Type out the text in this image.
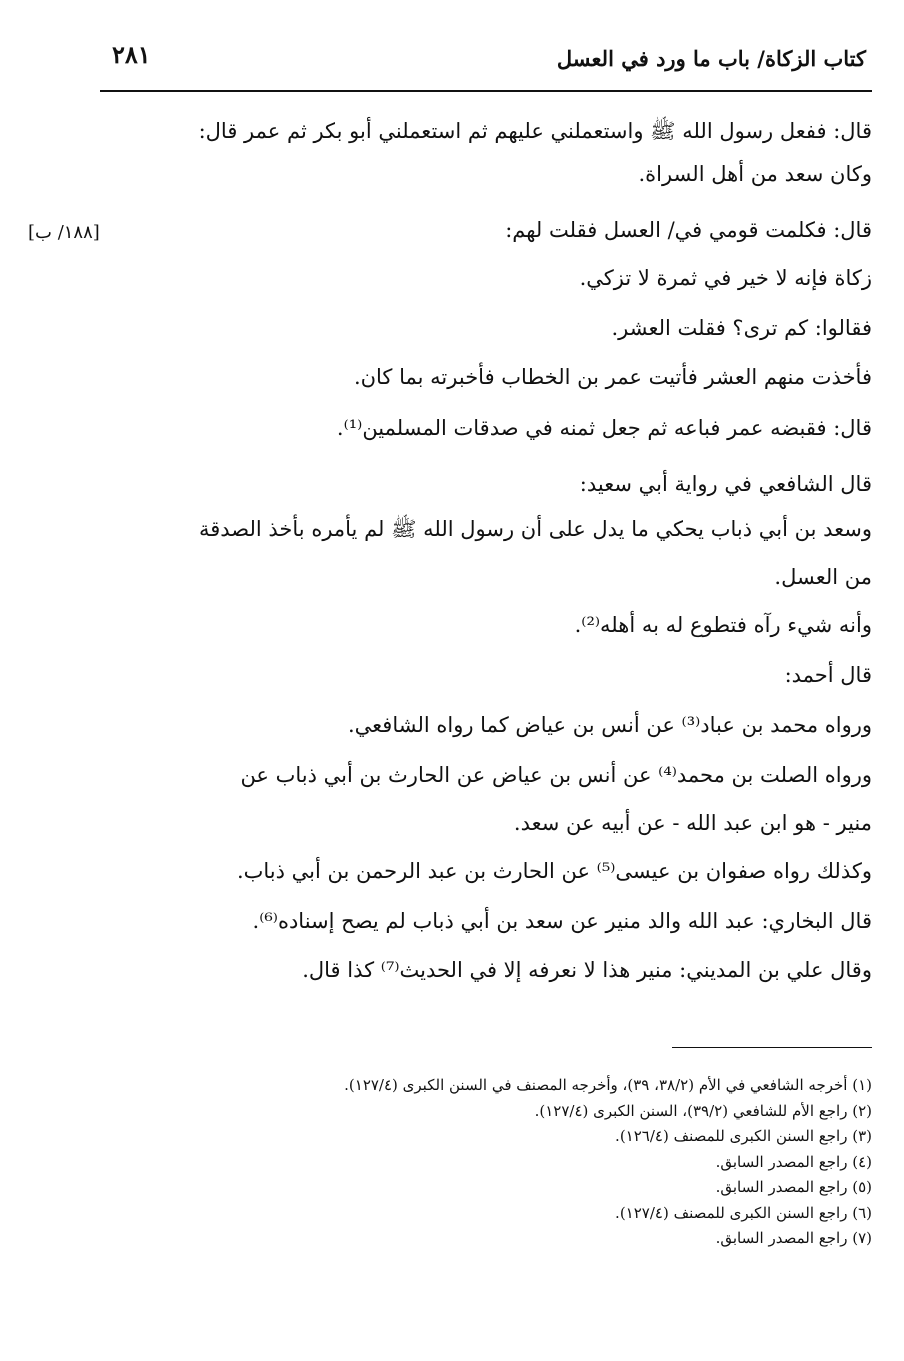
كتاب الزكاة/ باب ما ورد في العسل
٢٨١
[١٨٨/ ب]

قال: ففعل رسول الله ﷺ واستعملني عليهم ثم استعملني أبو بكر ثم عمر قال:

وكان سعد من أهل السراة.

قال: فكلمت قومي في/ العسل فقلت لهم:

زكاة فإنه لا خير في ثمرة لا تزكي.

فقالوا: كم ترى؟ فقلت العشر.

فأخذت منهم العشر فأتيت عمر بن الخطاب فأخبرته بما كان.

قال: فقبضه عمر فباعه ثم جعل ثمنه في صدقات المسلمين⁽¹⁾.

قال الشافعي في رواية أبي سعيد:

وسعد بن أبي ذباب يحكي ما يدل على أن رسول الله ﷺ لم يأمره بأخذ الصدقة

من العسل.

وأنه شيء رآه فتطوع له به أهله⁽²⁾.

قال أحمد:

ورواه محمد بن عباد⁽³⁾ عن أنس بن عياض كما رواه الشافعي.

ورواه الصلت بن محمد⁽⁴⁾ عن أنس بن عياض عن الحارث بن أبي ذباب عن

منير - هو ابن عبد الله - عن أبيه عن سعد.

وكذلك رواه صفوان بن عيسى⁽⁵⁾ عن الحارث بن عبد الرحمن بن أبي ذباب.

قال البخاري: عبد الله والد منير عن سعد بن أبي ذباب لم يصح إسناده⁽⁶⁾.

وقال علي بن المديني: منير هذا لا نعرفه إلا في الحديث⁽⁷⁾ كذا قال.

(١) أخرجه الشافعي في الأم (٣٨/٢، ٣٩)، وأخرجه المصنف في السنن الكبرى (١٢٧/٤).

(٢) راجع الأم للشافعي (٣٩/٢)، السنن الكبرى (١٢٧/٤).

(٣) راجع السنن الكبرى للمصنف (١٢٦/٤).

(٤) راجع المصدر السابق.

(٥) راجع المصدر السابق.

(٦) راجع السنن الكبرى للمصنف (١٢٧/٤).

(٧) راجع المصدر السابق.
